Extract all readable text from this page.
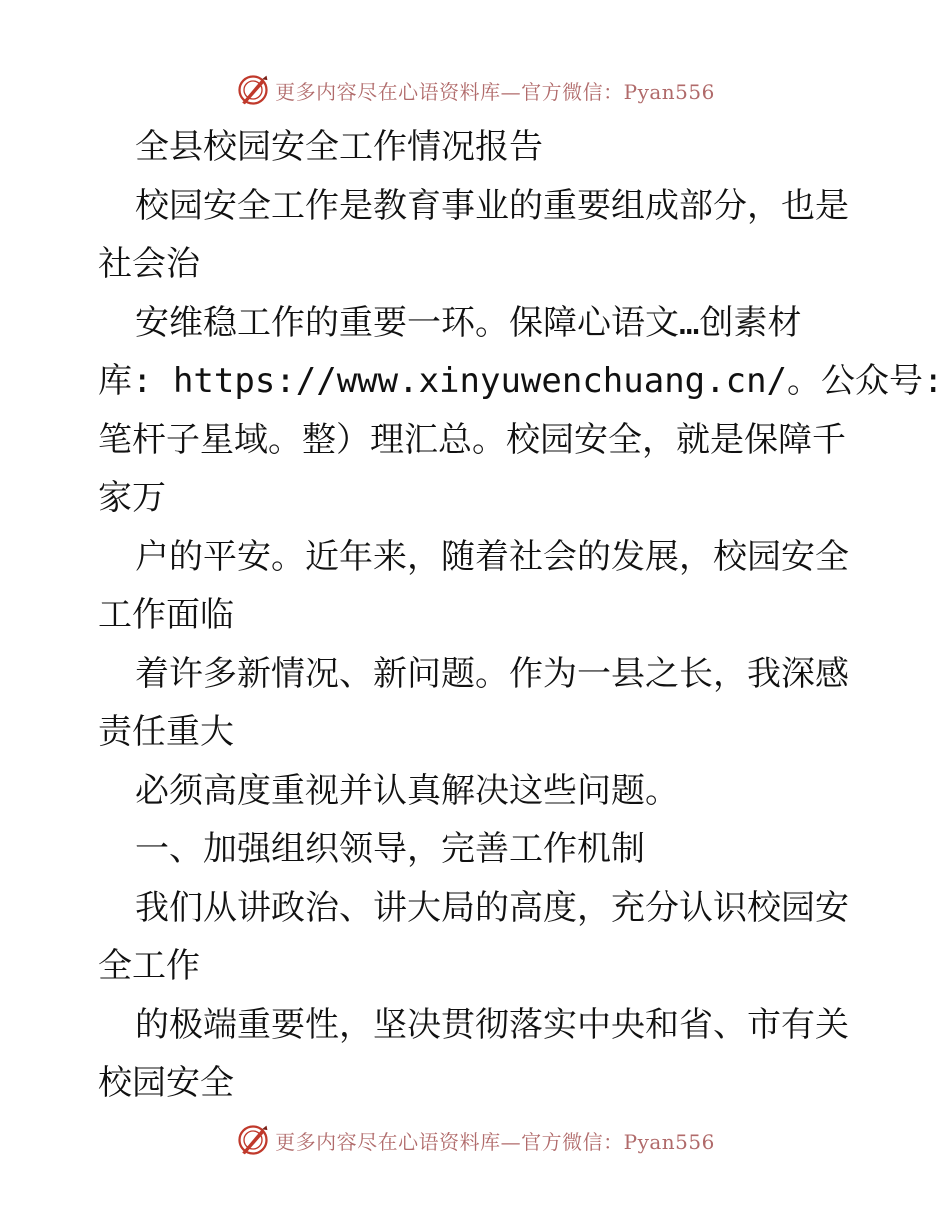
更多内容尽在心语资料库—官方微信：Pyan556
全县校园安全工作情况报告
校园安全工作是教育事业的重要组成部分，也是
社会治
安维稳工作的重要一环。保障心语文…创素材
库: https://www.xinyuwenchuang.cn/。公众号:
笔杆子星域。整）理汇总。校园安全，就是保障千
家万
户的平安。近年来，随着社会的发展，校园安全
工作面临
着许多新情况、新问题。作为一县之长，我深感
责任重大
必须高度重视并认真解决这些问题。
一、加强组织领导，完善工作机制
我们从讲政治、讲大局的高度，充分认识校园安
全工作
的极端重要性，坚决贯彻落实中央和省、市有关
校园安全
更多内容尽在心语资料库—官方微信：Pyan556
